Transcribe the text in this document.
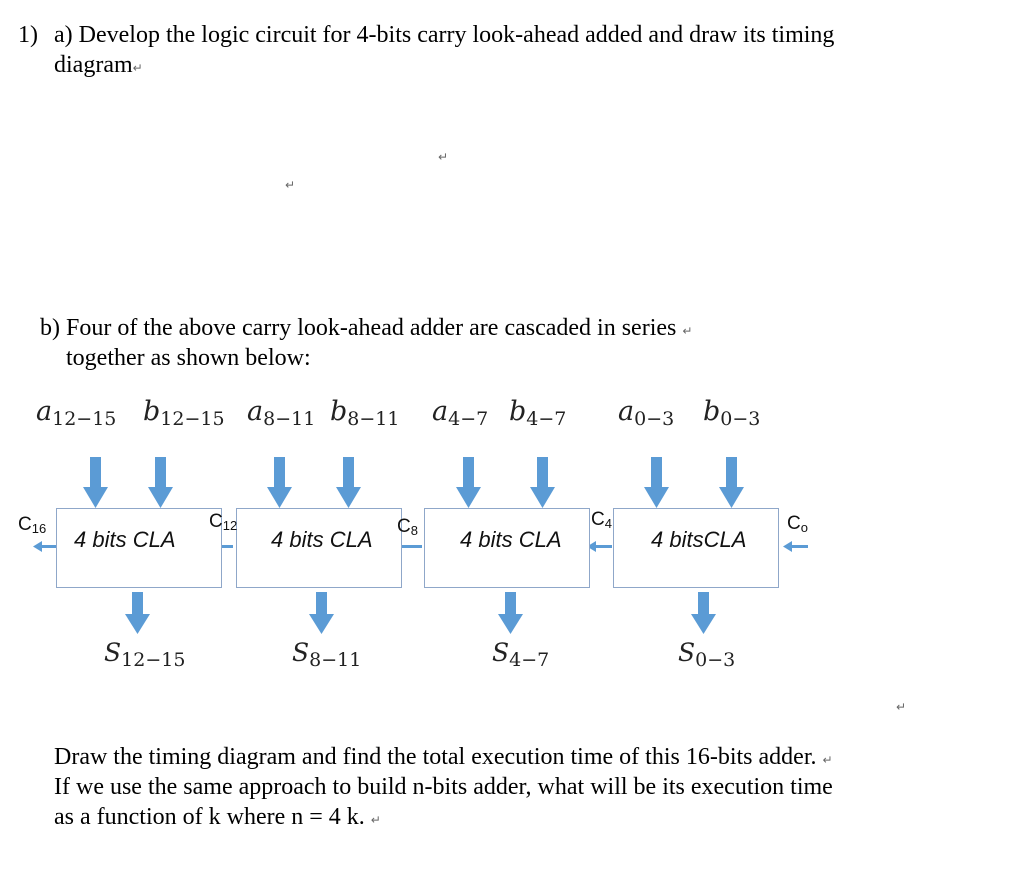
1) a) Develop the logic circuit for 4-bits carry look-ahead added and draw its timing
diagram↵
↵
↵
b) Four of the above carry look-ahead adder are cascaded in series ↵
together as shown below:
$a_{12-15}$ $b_{12-15}$ $a_{8-11}$ $b_{8-11}$ $a_{4-7}$ $b_{4-7}$ $a_{0-3}$ $b_{0-3}$
4 bits CLA	4 bits CLA	4 bits CLA	4 bitsCLA
$C_{16}$	$C_{12}$	$C_8$
$C_4$	$C_o$
$S_{12-15}$	$S_{8-11}$	$S_{4-7}$	$S_{0-3}$
↵
Draw the timing diagram and find the total execution time of this 16-bits adder. ↵
If we use the same approach to build n-bits adder, what will be its execution time
as a function of k where n = 4 k. ↵
